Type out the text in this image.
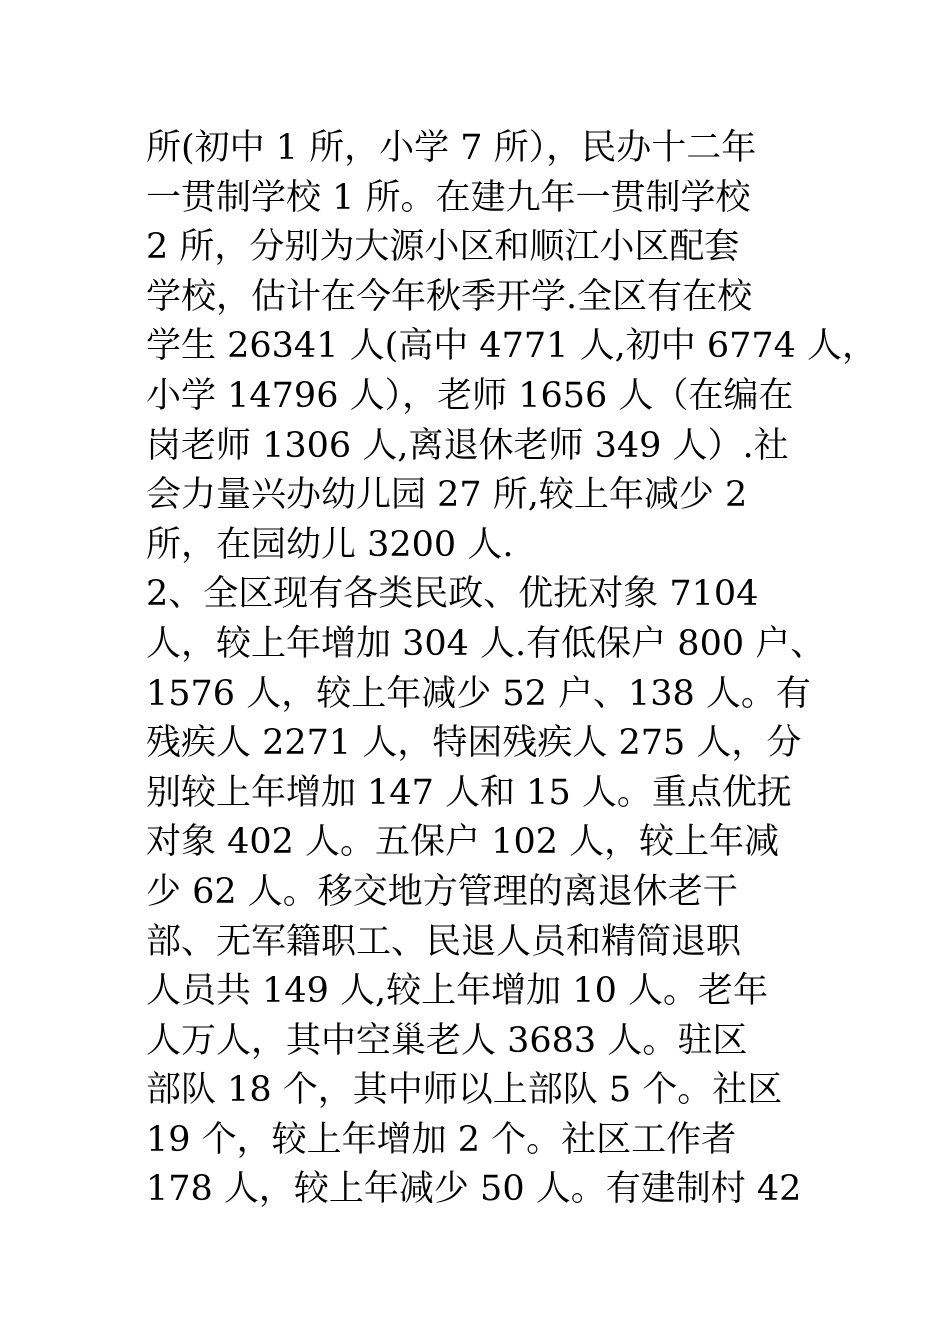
所(初中 1 所，小学 7 所），民办十二年
一贯制学校 1 所。在建九年一贯制学校
2 所，分别为大源小区和顺江小区配套
学校，估计在今年秋季开学.全区有在校
学生 26341 人(高中 4771 人,初中 6774 人，
小学 14796 人），老师 1656 人（在编在
岗老师 1306 人,离退休老师 349 人）.社
会力量兴办幼儿园 27 所,较上年减少 2
所，在园幼儿 3200 人.
2、全区现有各类民政、优抚对象 7104
人，较上年增加 304 人.有低保户 800 户、
1576 人，较上年减少 52 户、138 人。有
残疾人 2271 人，特困残疾人 275 人，分
别较上年增加 147 人和 15 人。重点优抚
对象 402 人。五保户 102 人，较上年减
少 62 人。移交地方管理的离退休老干
部、无军籍职工、民退人员和精简退职
人员共 149 人,较上年增加 10 人。老年
人万人，其中空巢老人 3683 人。驻区
部队 18 个，其中师以上部队 5 个。社区
19 个，较上年增加 2 个。社区工作者
178 人，较上年减少 50 人。有建制村 42
